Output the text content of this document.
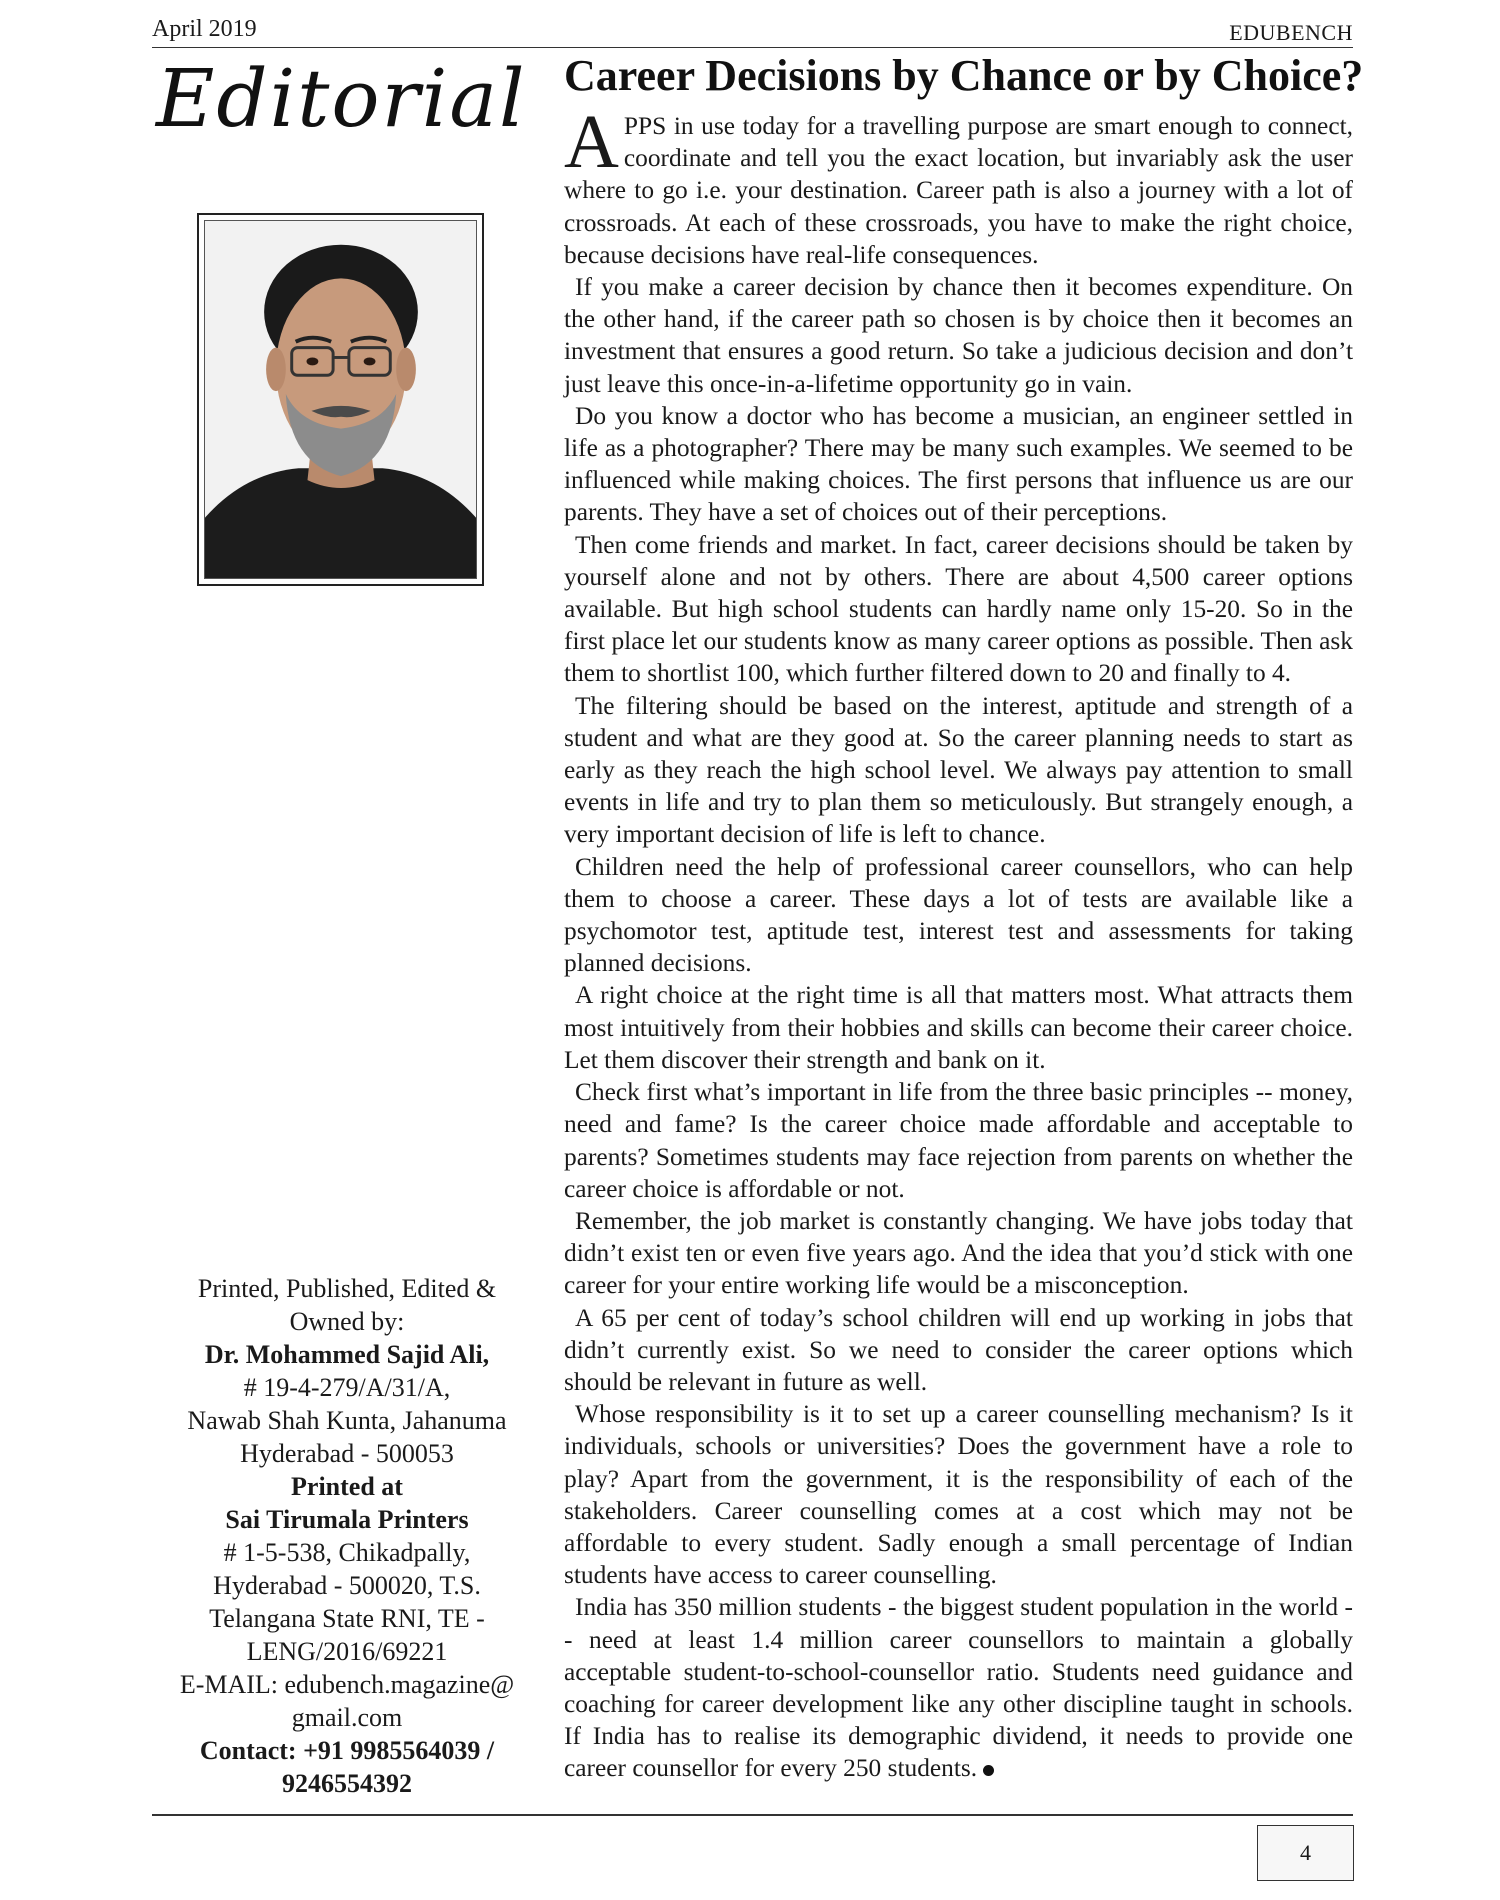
April 2019	EDUBENCH
Editorial
Printed, Published, Edited &
Owned by:
Dr. Mohammed Sajid Ali,
# 19-4-279/A/31/A,
Nawab Shah Kunta, Jahanuma
Hyderabad - 500053
Printed at
Sai Tirumala Printers
# 1-5-538, Chikadpally,
Hyderabad - 500020, T.S.
Telangana State RNI, TE -
LENG/2016/69221
E-MAIL: edubench.magazine@
gmail.com
Contact: +91 9985564039 /
9246554392
Career Decisions by Chance or by Choice?

APPS in use today for a travelling purpose are smart enough to connect, coordinate and tell you the exact location, but invariably ask the user where to go i.e. your destination. Career path is also a journey with a lot of crossroads. At each of these crossroads, you have to make the right choice, because decisions have real-life consequences.

If you make a career decision by chance then it becomes expenditure. On the other hand, if the career path so chosen is by choice then it becomes an investment that ensures a good return. So take a judicious decision and don’t just leave this once-in-a-lifetime opportunity go in vain.

Do you know a doctor who has become a musician, an engineer settled in life as a photographer? There may be many such examples. We seemed to be influenced while making choices. The first persons that influence us are our parents. They have a set of choices out of their perceptions.

Then come friends and market. In fact, career decisions should be taken by yourself alone and not by others. There are about 4,500 career options available. But high school students can hardly name only 15-20. So in the first place let our students know as many career options as possible. Then ask them to shortlist 100, which further filtered down to 20 and finally to 4.

The filtering should be based on the interest, aptitude and strength of a student and what are they good at. So the career planning needs to start as early as they reach the high school level. We always pay attention to small events in life and try to plan them so meticulously. But strangely enough, a very important decision of life is left to chance.

Children need the help of professional career counsellors, who can help them to choose a career. These days a lot of tests are available like a psychomotor test, aptitude test, interest test and assessments for taking planned decisions.

A right choice at the right time is all that matters most. What attracts them most intuitively from their hobbies and skills can become their career choice. Let them discover their strength and bank on it.

Check first what’s important in life from the three basic principles -- money, need and fame? Is the career choice made affordable and acceptable to parents? Sometimes students may face rejection from parents on whether the career choice is affordable or not.

Remember, the job market is constantly changing. We have jobs today that didn’t exist ten or even five years ago. And the idea that you’d stick with one career for your entire working life would be a misconception.

A 65 per cent of today’s school children will end up working in jobs that didn’t currently exist. So we need to consider the career options which should be relevant in future as well.

Whose responsibility is it to set up a career counselling mechanism? Is it individuals, schools or universities? Does the government have a role to play? Apart from the government, it is the responsibility of each of the stakeholders. Career counselling comes at a cost which may not be affordable to every student. Sadly enough a small percentage of Indian students have access to career counselling.

India has 350 million students - the biggest student population in the world -- need at least 1.4 million career counsellors to maintain a globally acceptable student-to-school-counsellor ratio. Students need guidance and coaching for career development like any other discipline taught in schools. If India has to realise its demographic dividend, it needs to provide one career counsellor for every 250 students.

4
